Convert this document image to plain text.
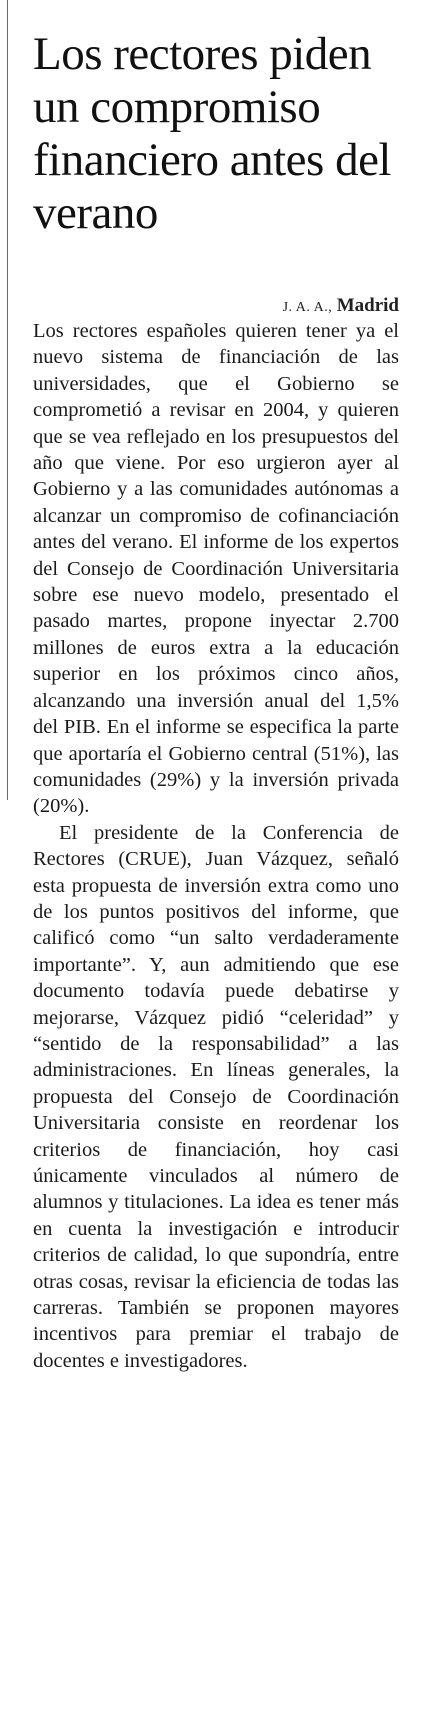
Los rectores piden un compromiso financiero antes del verano
J. A. A., Madrid

Los rectores españoles quieren tener ya el nuevo sistema de financiación de las universidades, que el Gobierno se comprometió a revisar en 2004, y quieren que se vea reflejado en los presupuestos del año que viene. Por eso urgieron ayer al Gobierno y a las comunidades autónomas a alcanzar un compromiso de cofinanciación antes del verano. El informe de los expertos del Consejo de Coordinación Universitaria sobre ese nuevo modelo, presentado el pasado martes, propone inyectar 2.700 millones de euros extra a la educación superior en los próximos cinco años, alcanzando una inversión anual del 1,5% del PIB. En el informe se especifica la parte que aportaría el Gobierno central (51%), las comunidades (29%) y la inversión privada (20%).

El presidente de la Conferencia de Rectores (CRUE), Juan Vázquez, señaló esta propuesta de inversión extra como uno de los puntos positivos del informe, que calificó como “un salto verdaderamente importante”. Y, aun admitiendo que ese documento todavía puede debatirse y mejorarse, Vázquez pidió “celeridad” y “sentido de la responsabilidad” a las administraciones. En líneas generales, la propuesta del Consejo de Coordinación Universitaria consiste en reordenar los criterios de financiación, hoy casi únicamente vinculados al número de alumnos y titulaciones. La idea es tener más en cuenta la investigación e introducir criterios de calidad, lo que supondría, entre otras cosas, revisar la eficiencia de todas las carreras. También se proponen mayores incentivos para premiar el trabajo de docentes e investigadores.
